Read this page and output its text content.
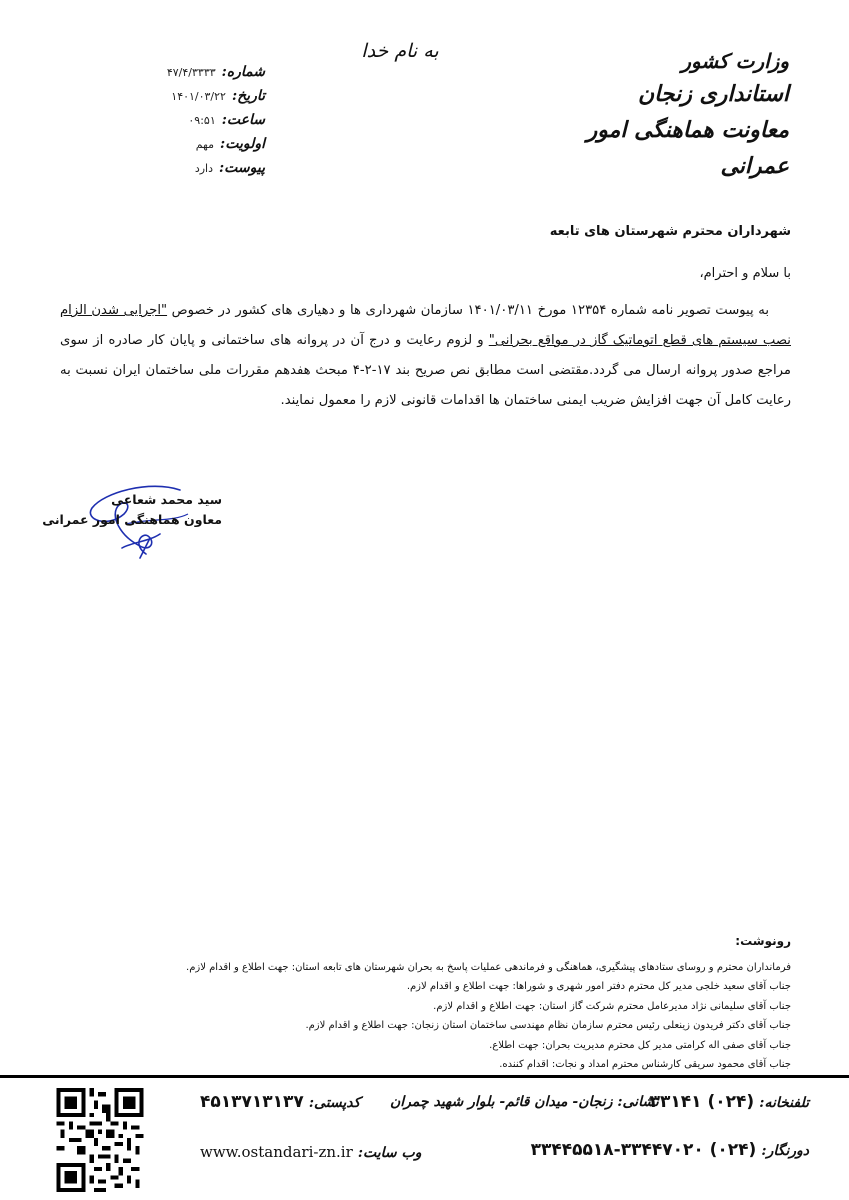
به نام خدا	وزارت کشور
استانداری زنجان
معاونت هماهنگی امور عمرانی
شماره:
۴۷/۴/۳۳۳۳
تاریخ:
۱۴۰۱/۰۳/۲۲
ساعت:
۰۹:۵۱
اولویت:
مهم
پیوست:
دارد
شهرداران محترم شهرستان های تابعه
با سلام و احترام،

به پیوست تصویر نامه شماره ۱۲۳۵۴ مورخ ۱۴۰۱/۰۳/۱۱ سازمان شهرداری ها و دهیاری های کشور در خصوص "اجرایی شدن الزام نصب سیستم های قطع اتوماتیک گاز در مواقع بحرانی" و لزوم رعایت و درج آن در پروانه های ساختمانی و پایان کار صادره از سوی مراجع صدور پروانه ارسال می گردد.مقتضی است مطابق نص صریح بند ۱۷-۲-۴ مبحث هفدهم مقررات ملی ساختمان ایران نسبت به رعایت کامل آن جهت افزایش ضریب ایمنی ساختمان ها اقدامات قانونی لازم را معمول نمایند.

سید محمد شعاعی
معاون هماهنگی امور عمرانی
رونوشت:
فرمانداران محترم و روسای ستادهای پیشگیری، هماهنگی و فرماندهی عملیات پاسخ به بحران شهرستان های تابعه استان: جهت اطلاع و اقدام لازم.
جناب آقای سعید خلجی مدیر کل محترم دفتر امور شهری و شوراها: جهت اطلاع و اقدام لازم.
جناب آقای سلیمانی نژاد مدیرعامل محترم شرکت گاز استان: جهت اطلاع و اقدام لازم.
جناب آقای دکتر فریدون زینعلی رئیس محترم سازمان نظام مهندسی ساختمان استان زنجان: جهت اطلاع و اقدام لازم.
جناب آقای صفی اله کرامتی مدیر کل محترم مدیریت بحران: جهت اطلاع.
جناب آقای محمود سریقی کارشناس محترم امداد و نجات: اقدام کننده.
تلفنخانه: (۰۲۴) ۳۳۱۴۱
نشانی: زنجان- میدان قائم- بلوار شهید چمران
کدپستی: ۴۵۱۳۷۱۳۱۳۷
دورنگار: (۰۲۴) ۳۳۴۴۷۰۲۰-۳۳۴۴۵۵۱۸
وب سایت: www.ostandari-zn.ir
